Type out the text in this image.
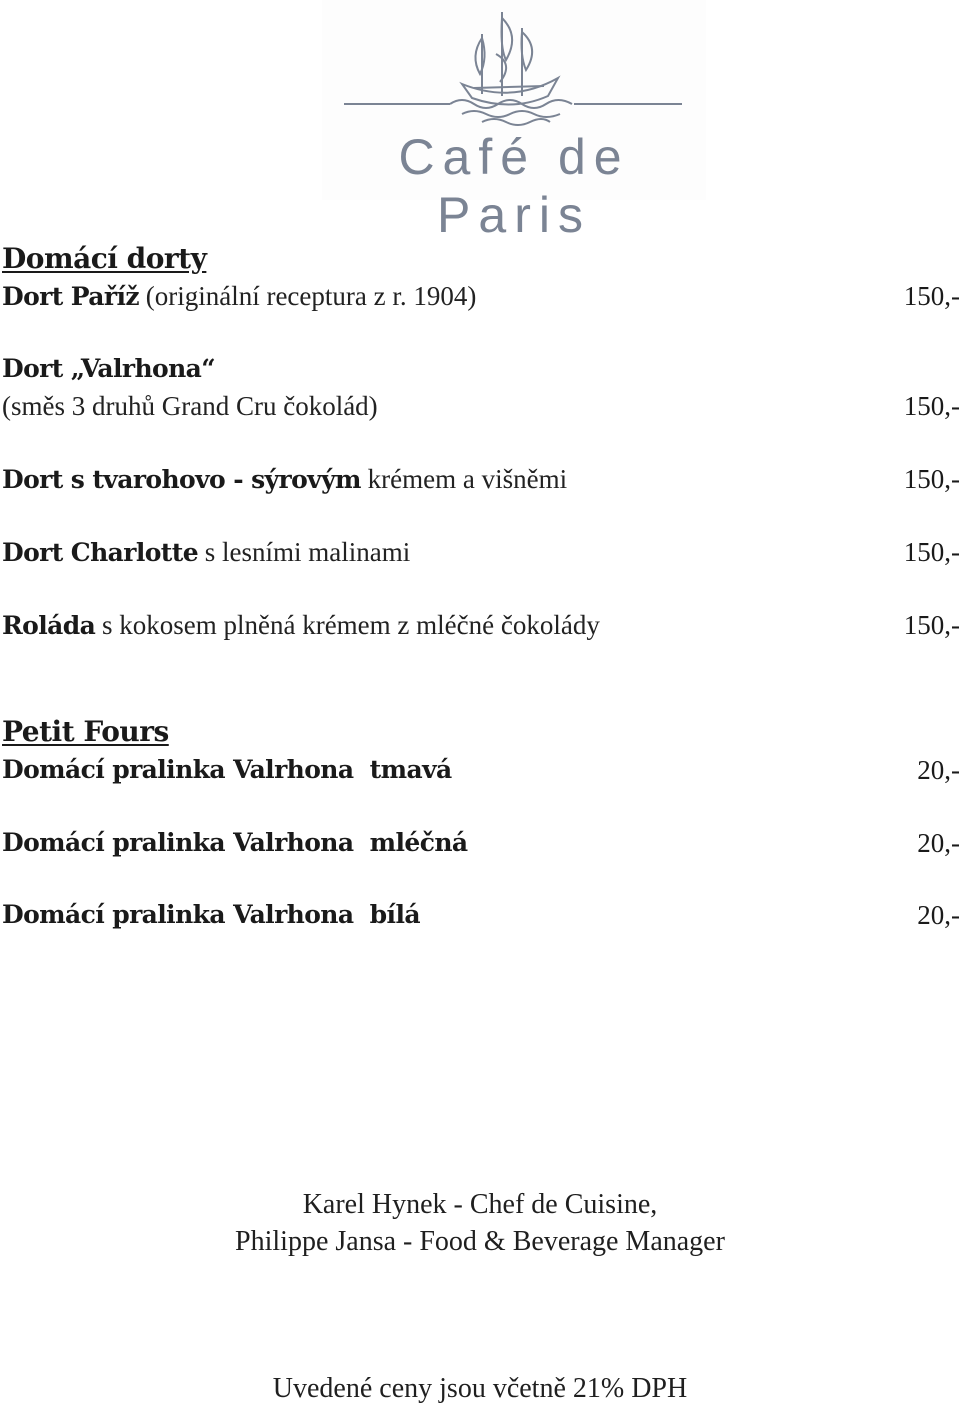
Café de Paris
Domácí dorty
Dort Paříž (originální receptura z r. 1904)	150,-
Dort „Valrhona“
(směs 3 druhů Grand Cru čokolád)	150,-
Dort s tvarohovo - sýrovým krémem a višněmi	150,-
Dort Charlotte s lesními malinami	150,-
Roláda s kokosem plněná krémem z mléčné čokolády	150,-
Petit Fours
Domácí pralinka Valrhona  tmavá	20,-
Domácí pralinka Valrhona  mléčná	20,-
Domácí pralinka Valrhona  bílá	20,-
Karel Hynek - Chef de Cuisine,
Philippe Jansa - Food & Beverage Manager
Uvedené ceny jsou včetně 21% DPH
